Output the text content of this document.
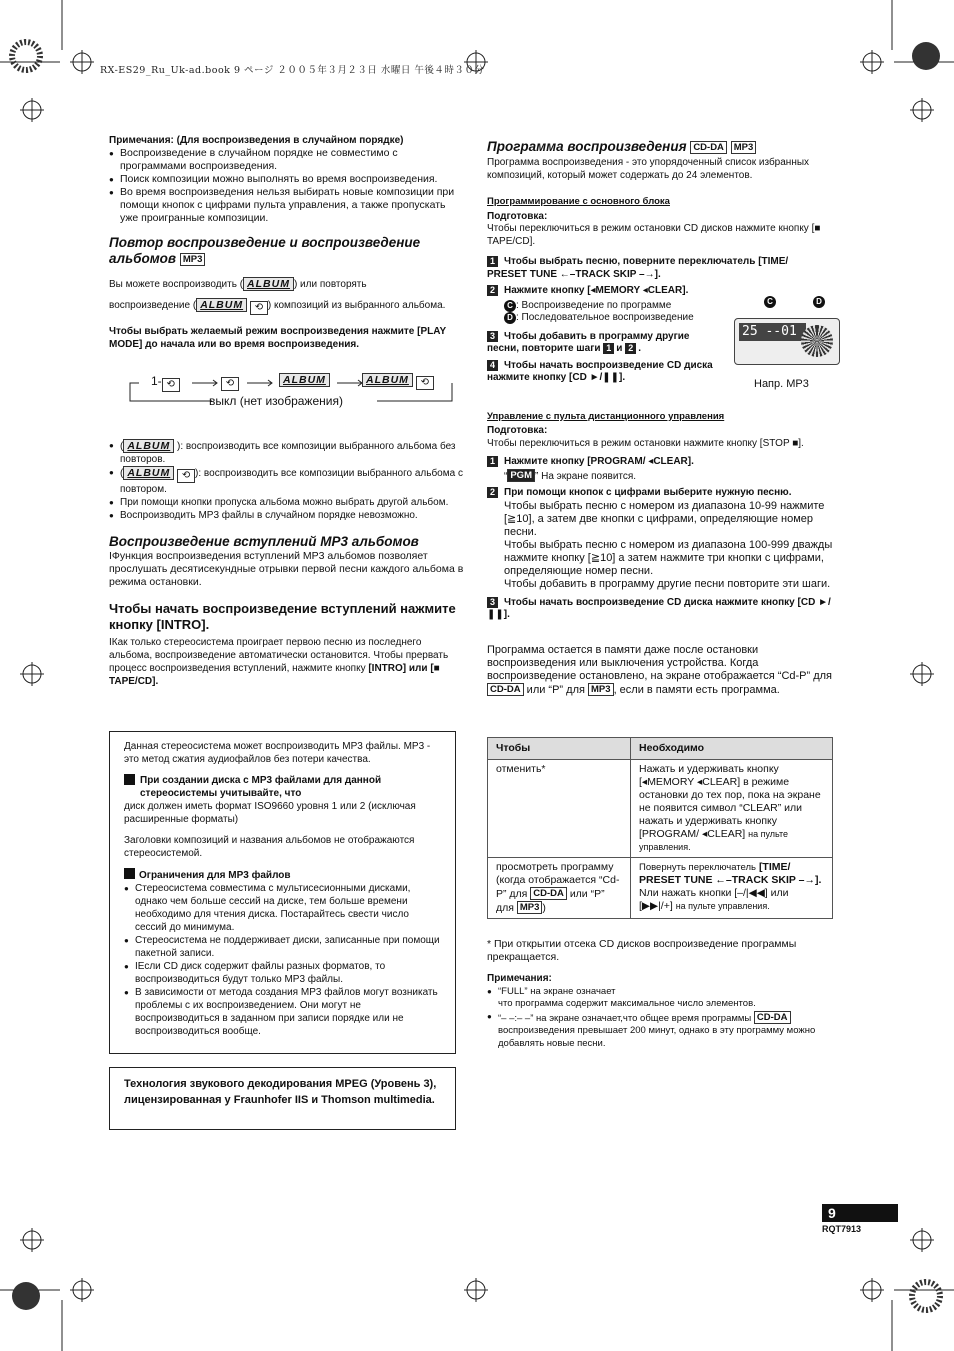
RX-ES29_Ru_Uk-ad.book 9 ページ ２００５年３月２３日 水曜日 午後４時３０分
Примечания: (Для воспроизведения в случайном порядке)
● Воспроизведение в случайном порядке не совместимо с программами воспроизведения.
● Поиск композиции можно выполнять во время воспроизведения.
● Во время воспроизведения нельзя выбирать новые композиции при помощи кнопок с цифрами пульта управления, а также пропускать уже проигранные композиции.
Повтор воспроизведение и воспроизведение альбомов MP3
Вы можете воспроизводить ( ALBUM ) или повторять
воспроизведение ( ALBUM ⟲ ) композиций из выбранного альбома.
Чтобы выбрать желаемый режим воспроизведения нажмите [PLAY MODE] до начала или во время воспроизведения.
1- ⟲	⟲	ALBUM	ALBUM ⟲
выкл (нет изображения)
● ( ALBUM ): воспроизводить все композиции выбранного альбома без повторов.
● ( ALBUM ⟲ ): воспроизводить все композиции выбранного альбома с повтором.
● При помощи кнопки пропуска альбома можно выбрать другой альбом.
● Воспроизводить MP3 файлы в случайном порядке невозможно.
Воспроизведение вступлений MP3 альбомов
IФункция воспроизведения вступлений MP3 альбомов позволяет прослушать десятисекундные отрывки первой песни каждого альбома в режима остановки.
Чтобы начать воспроизведение вступлений нажмите кнопку [INTRO].
IКак только стереосистема проиграет первою песню из последнего альбома, воспроизведение автоматически остановится. Чтобы прервать процесс воспроизведения вступлений, нажмите кнопку [INTRO] или [■ TAPE/CD].
Данная стереосистема может воспроизводить MP3 файлы. MP3 - это метод сжатия аудиофайлов без потери качества.
При создании диска с MP3 файлами для данной стереосистемы учитывайте, что
диск должен иметь формат ISO9660 уровня 1 или 2 (исключая расширенные форматы)
Заголовки композиций и названия альбомов не отображаются стереосистемой.
Ограничения для MP3 файлов
● Стереосистема совместима с мультисесионными дисками, однако чем больше сессий на диске, тем больше времени необходимо для чтения диска. Постарайтесь свести число сессий до минимума.
● Стереосистема не поддерживает диски, записанные при помощи пакетной записи.
● IЕсли CD диск содержит файлы разных форматов, то воспроизводиться будут только MP3 файлы.
● В зависимости от метода создания MP3 файлов могут возникать проблемы с их воспроизведением. Они могут не воспроизводиться в заданном при записи порядке или не воспроизводиться вообще.
Технология звукового декодирования MPEG (Уровень 3), лицензированная у Fraunhofer IIS и Thomson multimedia.
Программа воспроизведения CD-DA MP3
Программа воспроизведения - это упорядоченный список избранных композиций, который может содержать до 24 элементов.
Программирование с основного блока
Подготовка:
Чтобы переключиться в режим остановки CD дисков нажмите кнопку [■ TAPE/CD].
1 Чтобы выбрать песню, поверните переключатель [TIME/ PRESET TUNE ←–TRACK SKIP –→].
2 Нажмите кнопку [◂MEMORY ◂CLEAR].
C : Воспроизведение по программе
D : Последовательное воспроизведение
3 Чтобы добавить в программу другие песни, повторите шаги 1 и 2 .
4 Чтобы начать воспроизведение CD диска нажмите кнопку [CD ►/❚❚].
Управление с пульта дистанционного управления
Подготовка:
Чтобы переключиться в режим остановки нажмите кнопку [STOP ■].
1 Нажмите кнопку [PROGRAM/ ◂CLEAR].
“ PGM ” На экране появится.
2 При помощи кнопок с цифрами выберите нужную песню.
Чтобы выбрать песню с номером из диапазона 10-99 нажмите [≧10], а затем две кнопки с цифрами, определяющие номер песни.
Чтобы выбрать песню с номером из диапазона 100-999 дважды нажмите кнопку [≧10] а затем нажмите три кнопки с цифрами, определяющие номер песни.
Чтобы добавить в программу другие песни повторите эти шаги.
3 Чтобы начать воспроизведение CD диска нажмите кнопку [CD ►/❚❚].
Программа остается в памяти даже после остановки воспроизведения или выключения устройства. Когда воспроизведение остановлено, на экране отображается “Cd-P” для CD-DA или “P” для MP3 , если в памяти есть программа.
C	D
25 --01
Напр. MP3
Чтобы	Необходимо
отменить*	Нажать и удерживать кнопку [◂MEMORY ◂CLEAR] в режиме остановки до тех пор, пока на экране не появится символ “CLEAR” или нажать и удерживать кнопку [PROGRAM/ ◂CLEAR] на пульте управления.
просмотреть программу (когда отображается “Cd-P” для CD-DA или “P” для MP3 )	Повернуть переключатель [TIME/ PRESET TUNE ←–TRACK SKIP –→]. Nли нажать кнопки [–/|◀◀] или [▶▶|/+] на пульте управления.
* При открытии отсека CD дисков воспроизведение программы прекращается.
Примечания:
● “FULL” на экране означает
что программа содержит максимальное число элементов.
● “– –:– –” на экране означает,что общее время программы CD-DA воспроизведения превышает 200 минут, однако в эту программу можно добавлять новые песни.
9
RQT7913
